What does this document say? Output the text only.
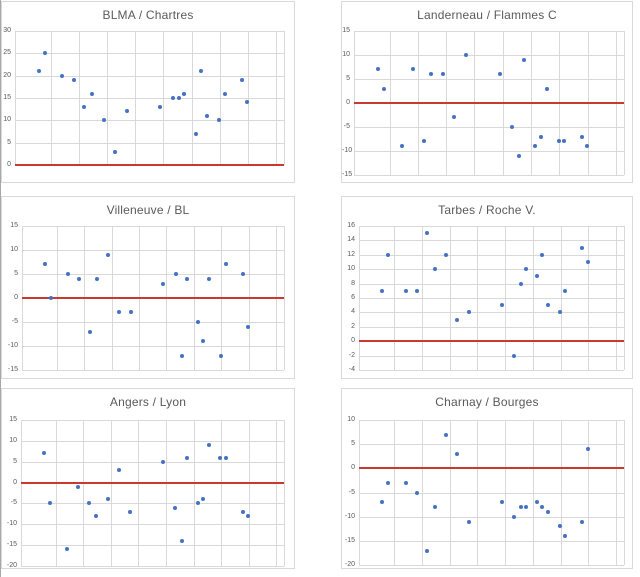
BLMA / Chartres
30
25
20
15
10
5
0
Landerneau / Flammes C
15
10
5
0
-5
-10
-15
Villeneuve / BL
15
10
5
0
-5
-10
-15
Tarbes / Roche V.
16
14
12
10
8
6
4
2
0
-2
-4
Angers / Lyon
15
10
5
0
-5
-10
-15
-20
Charnay / Bourges
10
5
0
-5
-10
-15
-20
